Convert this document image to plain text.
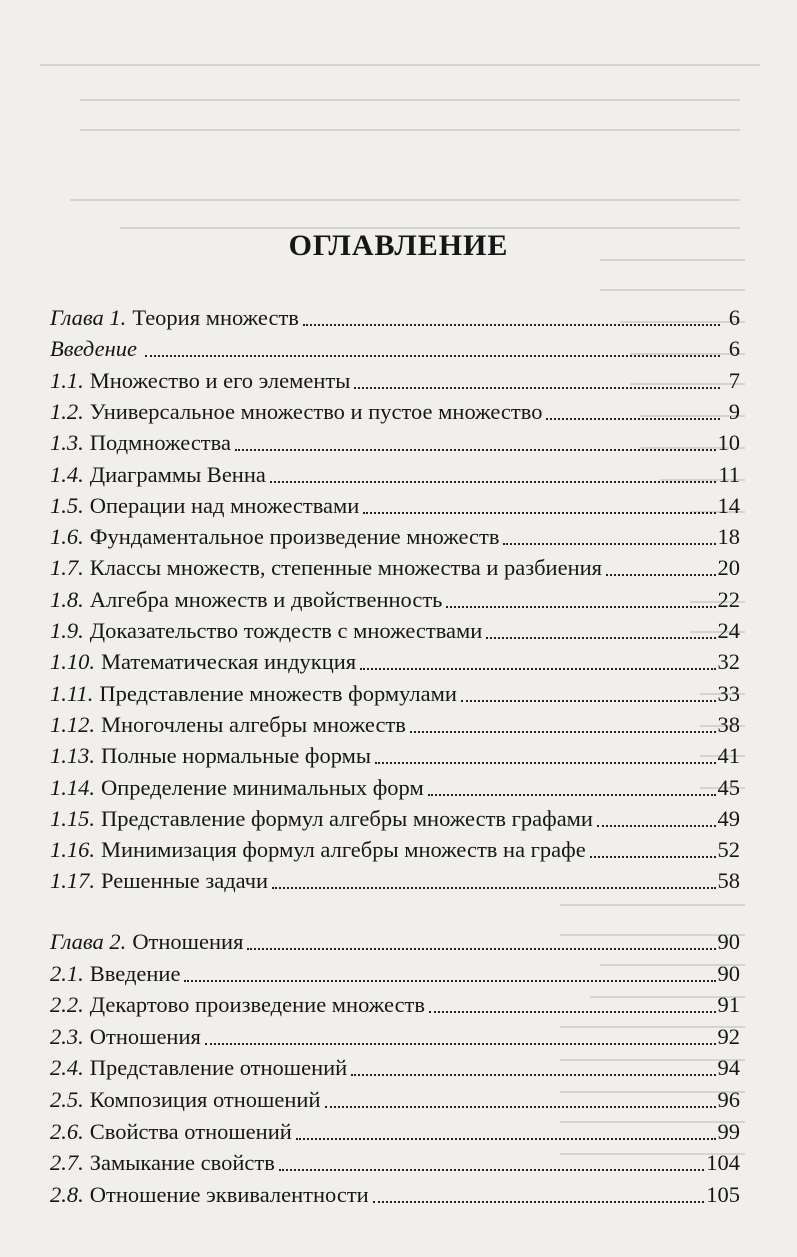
ОГЛАВЛЕНИЕ
Глава 1. Теория множеств	6
Введение	6
1.1. Множество и его элементы	7
1.2. Универсальное множество и пустое множество	9
1.3. Подмножества	10
1.4. Диаграммы Венна	11
1.5. Операции над множествами	14
1.6. Фундаментальное произведение множеств	18
1.7. Классы множеств, степенные множества и разбиения	20
1.8. Алгебра множеств и двойственность	22
1.9. Доказательство тождеств с множествами	24
1.10. Математическая индукция	32
1.11. Представление множеств формулами	33
1.12. Многочлены алгебры множеств	38
1.13. Полные нормальные формы	41
1.14. Определение минимальных форм	45
1.15. Представление формул алгебры множеств графами	49
1.16. Минимизация формул алгебры множеств на графе	52
1.17. Решенные задачи	58
Глава 2. Отношения	90
2.1. Введение	90
2.2. Декартово произведение множеств	91
2.3. Отношения	92
2.4. Представление отношений	94
2.5. Композиция отношений	96
2.6. Свойства отношений	99
2.7. Замыкание свойств	104
2.8. Отношение эквивалентности	105
